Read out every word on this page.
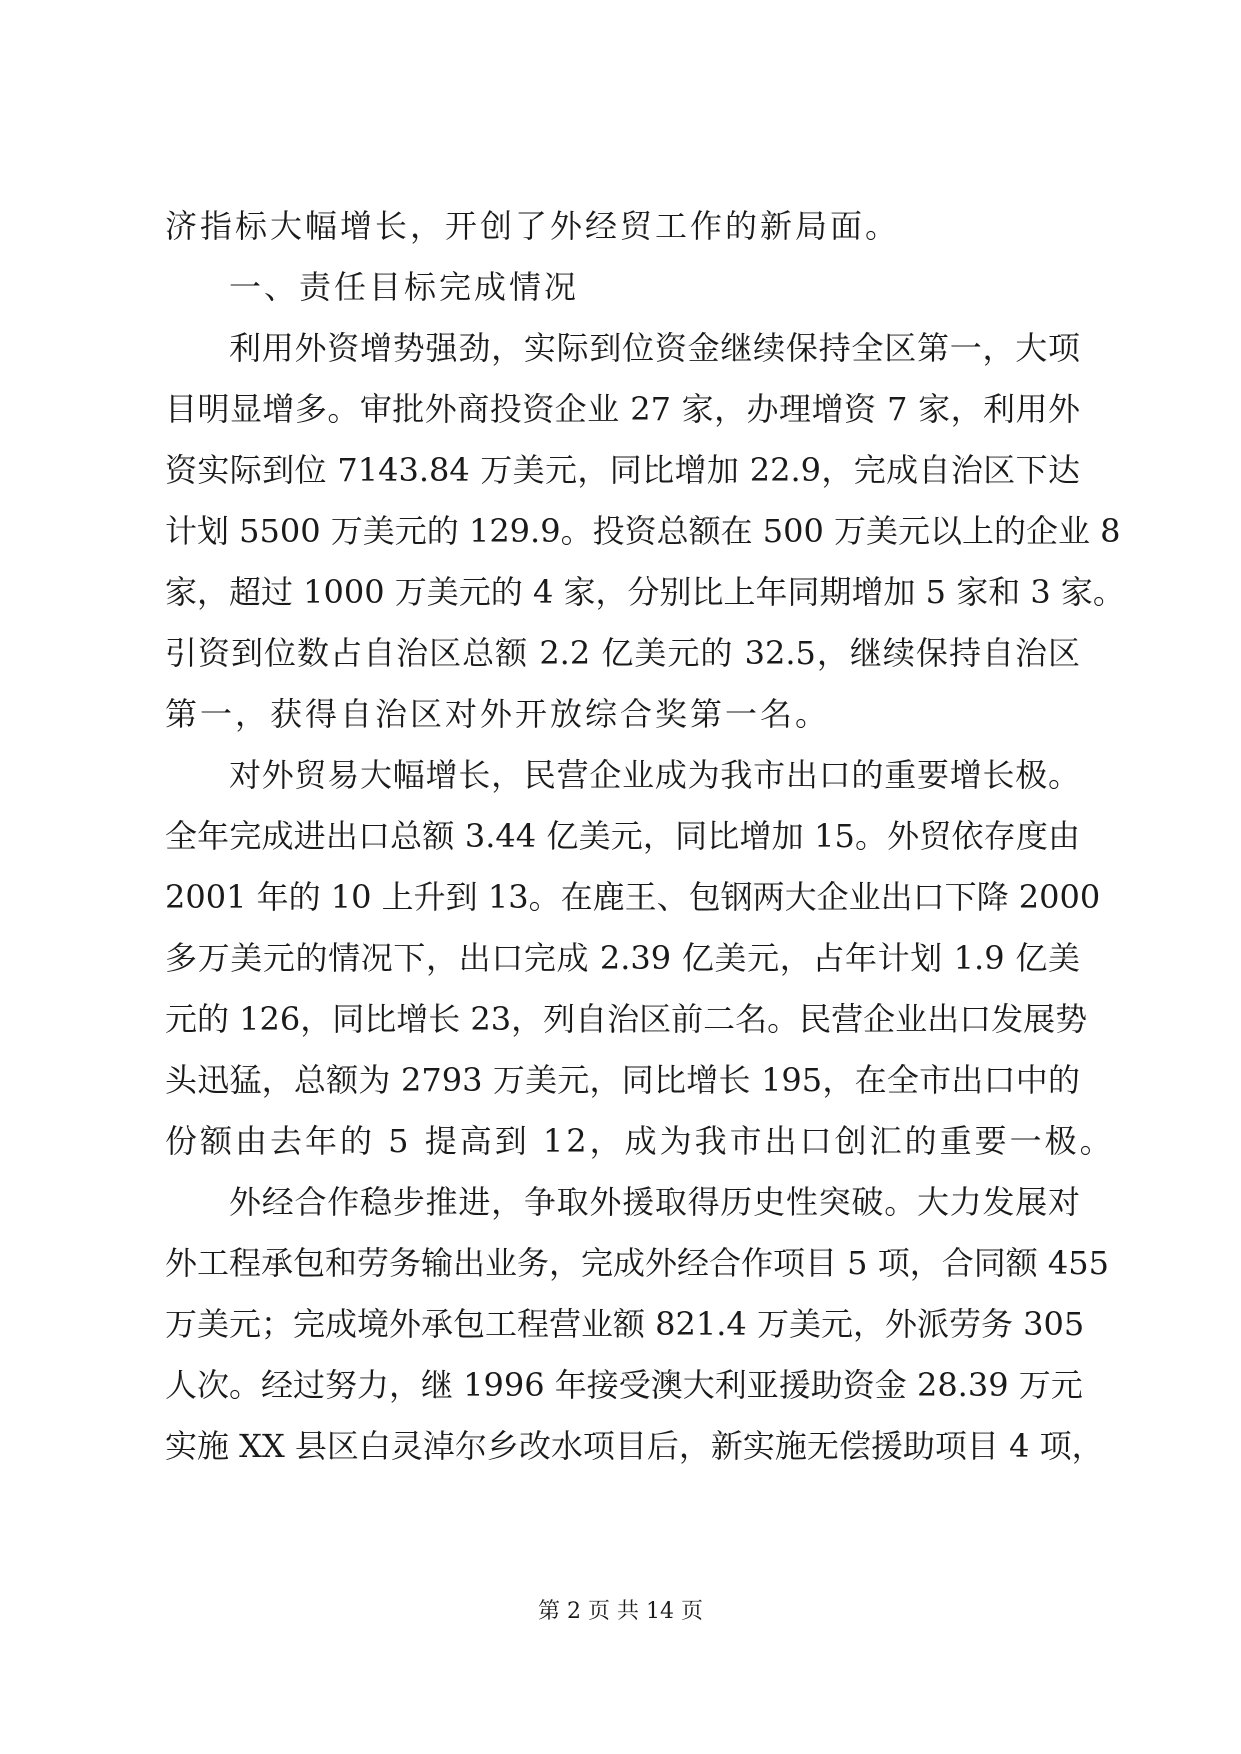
济指标大幅增长，开创了外经贸工作的新局面。
一、责任目标完成情况
利用外资增势强劲，实际到位资金继续保持全区第一，大项
目明显增多。审批外商投资企业 27 家，办理增资 7 家，利用外
资实际到位 7143.84 万美元，同比增加 22.9，完成自治区下达
计划 5500 万美元的 129.9。投资总额在 500 万美元以上的企业 8
家，超过 1000 万美元的 4 家，分别比上年同期增加 5 家和 3 家。
引资到位数占自治区总额 2.2 亿美元的 32.5，继续保持自治区
第一，获得自治区对外开放综合奖第一名。
对外贸易大幅增长，民营企业成为我市出口的重要增长极。
全年完成进出口总额 3.44 亿美元，同比增加 15。外贸依存度由
2001 年的 10 上升到 13。在鹿王、包钢两大企业出口下降 2000
多万美元的情况下，出口完成 2.39 亿美元，占年计划 1.9 亿美
元的 126，同比增长 23，列自治区前二名。民营企业出口发展势
头迅猛，总额为 2793 万美元，同比增长 195，在全市出口中的
份额由去年的 5 提高到 12，成为我市出口创汇的重要一极。
外经合作稳步推进，争取外援取得历史性突破。大力发展对
外工程承包和劳务输出业务，完成外经合作项目 5 项，合同额 455
万美元；完成境外承包工程营业额 821.4 万美元，外派劳务 305
人次。经过努力，继 1996 年接受澳大利亚援助资金 28.39 万元
实施 XX 县区白灵淖尔乡改水项目后，新实施无偿援助项目 4 项，
第 2 页 共 14 页
